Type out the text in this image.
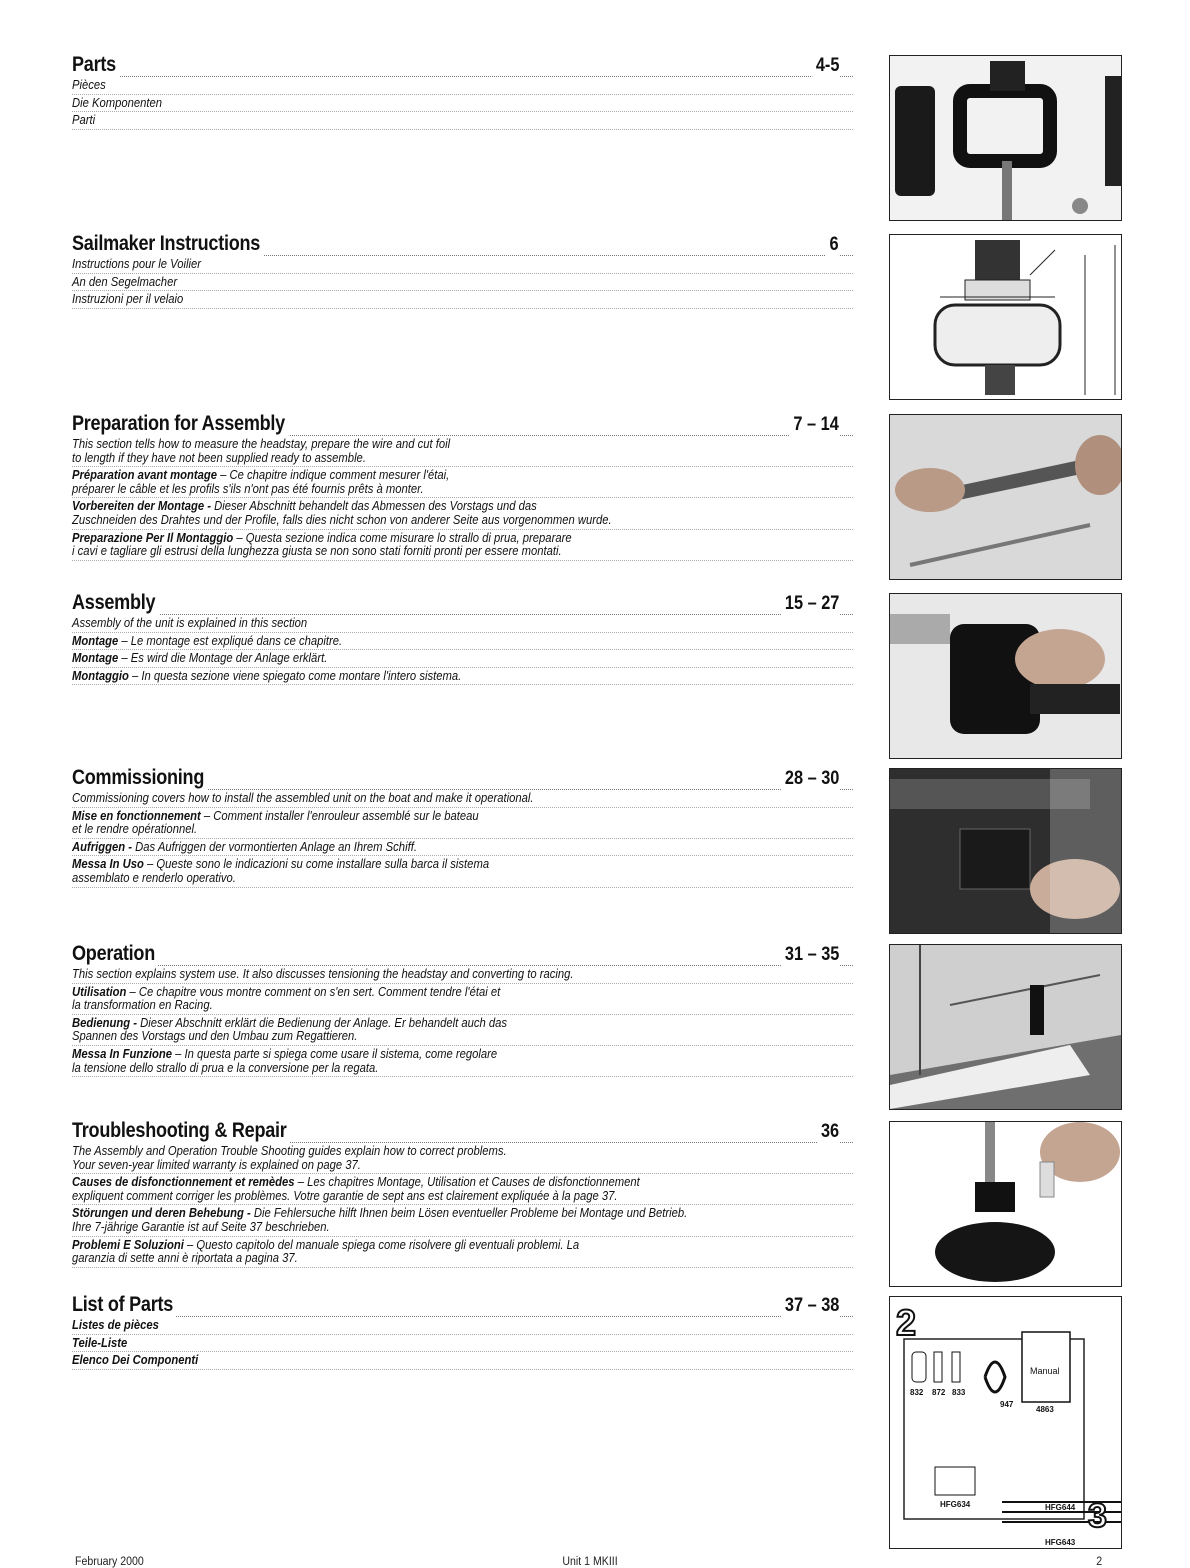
Parts	4-5
Pièces
Die Komponenten
Parti
Sailmaker Instructions	6
Instructions pour le Voilier
An den Segelmacher
Instruzioni per il velaio
Preparation for Assembly	7 – 14
This section tells how to measure the headstay, prepare the wire and cut foil
to length if they have not been supplied ready to assemble.
Préparation avant montage – Ce chapitre indique comment mesurer l'étai,
préparer le câble et les profils s'ils n'ont pas été fournis prêts à monter.
Vorbereiten der Montage - Dieser Abschnitt behandelt das Abmessen des Vorstags und das
Zuschneiden des Drahtes und der Profile, falls dies nicht schon von anderer Seite aus vorgenommen wurde.
Preparazione Per Il Montaggio – Questa sezione indica come misurare lo strallo di prua, preparare
i cavi e tagliare gli estrusi della lunghezza giusta se non sono stati forniti pronti per essere montati.
Assembly	15 – 27
Assembly of the unit is explained in this section
Montage – Le montage est expliqué dans ce chapitre.
Montage – Es wird die Montage der Anlage erklärt.
Montaggio – In questa sezione viene spiegato come montare l'intero sistema.
Commissioning	28 – 30
Commissioning covers how to install the assembled unit on the boat and make it operational.
Mise en fonctionnement – Comment installer l'enrouleur assemblé sur le bateau
et le rendre opérationnel.
Aufriggen - Das Aufriggen der vormontierten Anlage an Ihrem Schiff.
Messa In Uso – Queste sono le indicazioni su come installare sulla barca il sistema
assemblato e renderlo operativo.
Operation	31 – 35
This section explains system use. It also discusses tensioning the headstay and converting to racing.
Utilisation – Ce chapitre vous montre comment on s'en sert. Comment tendre l'étai et
la transformation en Racing.
Bedienung - Dieser Abschnitt erklärt die Bedienung der Anlage. Er behandelt auch das
Spannen des Vorstags und den Umbau zum Regattieren.
Messa In Funzione – In questa parte si spiega come usare il sistema, come regolare
la tensione dello strallo di prua e la conversione per la regata.
Troubleshooting & Repair	36
The Assembly and Operation Trouble Shooting guides explain how to correct problems.
Your seven-year limited warranty is explained on page 37.
Causes de disfonctionnement et remèdes – Les chapitres Montage, Utilisation et Causes de disfonctionnement
expliquent comment corriger les problèmes. Votre garantie de sept ans est clairement expliquée à la page 37.
Störungen und deren Behebung - Die Fehlersuche hilft Ihnen beim Lösen eventueller Probleme bei Montage und Betrieb.
Ihre 7-jährige Garantie ist auf Seite 37 beschrieben.
Problemi E Soluzioni – Questo capitolo del manuale spiega come risolvere gli eventuali problemi. La
garanzia di sette anni è riportata a pagina 37.
List of Parts	37 – 38
Listes de pièces
Teile-Liste
Elenco Dei Componenti
2
3
Manual
832 872 833
947
4863
HFG634	HFG644
HFG643
February 2000	Unit 1 MKIII	2
